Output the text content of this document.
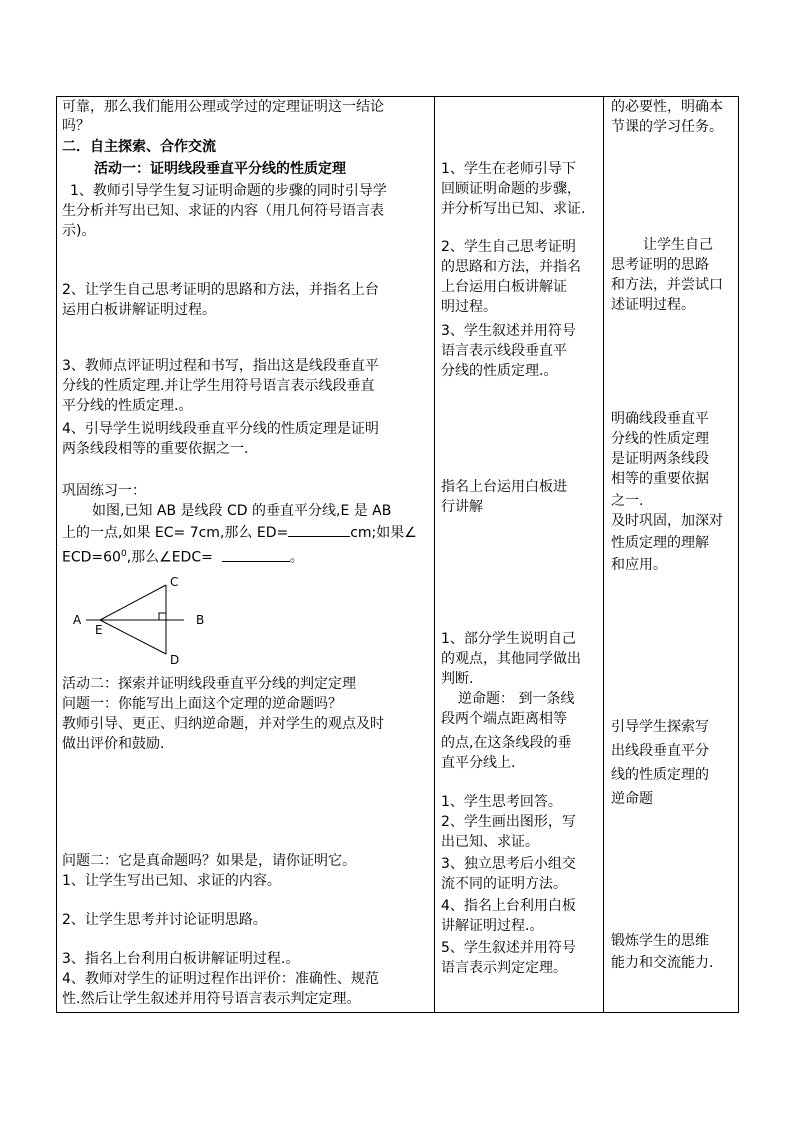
可靠，那么我们能用公理或学过的定理证明这一结论
吗？
二．自主探索、合作交流
活动一：证明线段垂直平分线的性质定理
1、教师引导学生复习证明命题的步骤的同时引导学
生分析并写出已知、求证的内容（用几何符号语言表
示)。
2、让学生自己思考证明的思路和方法，并指名上台
运用白板讲解证明过程。
3、教师点评证明过程和书写，指出这是线段垂直平
分线的性质定理.并让学生用符号语言表示线段垂直
平分线的性质定理.。
4、引导学生说明线段垂直平分线的性质定理是证明
两条线段相等的重要依据之一.
巩固练习一：
如图,已知 AB 是线段 CD 的垂直平分线,E 是 AB
上的一点,如果 EC= 7cm,那么 ED=	cm;如果∠
$ECD=60^0$,那么∠EDC=	。
A
E
B
C
D
活动二：探索并证明线段垂直平分线的判定定理
问题一：你能写出上面这个定理的逆命题吗？
教师引导、更正、归纳逆命题，并对学生的观点及时
做出评价和鼓励.
问题二：它是真命题吗？如果是，请你证明它。
1、让学生写出已知、求证的内容。
2、让学生思考并讨论证明思路。
3、指名上台利用白板讲解证明过程.。
4、教师对学生的证明过程作出评价：准确性、规范
性.然后让学生叙述并用符号语言表示判定定理。
1、学生在老师引导下
回顾证明命题的步骤，
并分析写出已知、求证.
2、学生自己思考证明
的思路和方法，并指名
上台运用白板讲解证
明过程。
3、学生叙述并用符号
语言表示线段垂直平
分线的性质定理.。
指名上台运用白板进
行讲解
1、部分学生说明自己
的观点，其他同学做出
判断.
逆命题： 到一条线
段两个端点距离相等
的点,在这条线段的垂
直平分线上.
1、学生思考回答。
2、学生画出图形，写
出已知、求证。
3、独立思考后小组交
流不同的证明方法。
4、指名上台利用白板
讲解证明过程.。
5、学生叙述并用符号
语言表示判定定理。
的必要性，明确本
节课的学习任务。
让学生自己
思考证明的思路
和方法，并尝试口
述证明过程。
明确线段垂直平
分线的性质定理
是证明两条线段
相等的重要依据
之一.
及时巩固，加深对
性质定理的理解
和应用。
引导学生探索写
出线段垂直平分
线的性质定理的
逆命题
锻炼学生的思维
能力和交流能力.
